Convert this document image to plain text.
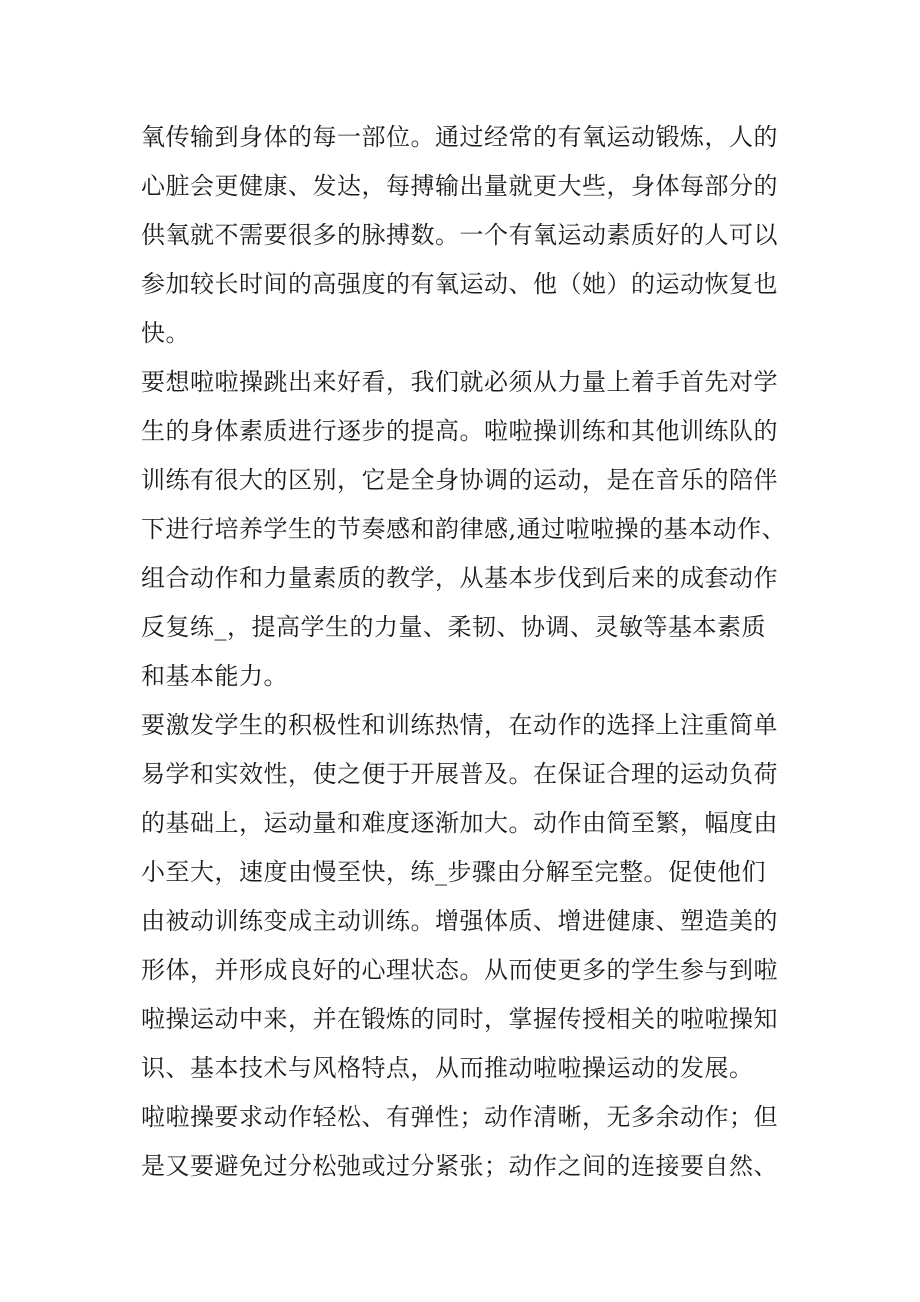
氧传输到身体的每一部位。通过经常的有氧运动锻炼，人的
心脏会更健康、发达，每搏输出量就更大些，身体每部分的
供氧就不需要很多的脉搏数。一个有氧运动素质好的人可以
参加较长时间的高强度的有氧运动、他（她）的运动恢复也
快。
要想啦啦操跳出来好看，我们就必须从力量上着手首先对学
生的身体素质进行逐步的提高。啦啦操训练和其他训练队的
训练有很大的区别，它是全身协调的运动，是在音乐的陪伴
下进行培养学生的节奏感和韵律感,通过啦啦操的基本动作、
组合动作和力量素质的教学，从基本步伐到后来的成套动作
反复练_，提高学生的力量、柔韧、协调、灵敏等基本素质
和基本能力。
要激发学生的积极性和训练热情，在动作的选择上注重简单
易学和实效性，使之便于开展普及。在保证合理的运动负荷
的基础上，运动量和难度逐渐加大。动作由简至繁，幅度由
小至大，速度由慢至快，练_步骤由分解至完整。促使他们
由被动训练变成主动训练。增强体质、增进健康、塑造美的
形体，并形成良好的心理状态。从而使更多的学生参与到啦
啦操运动中来，并在锻炼的同时，掌握传授相关的啦啦操知
识、基本技术与风格特点，从而推动啦啦操运动的发展。
啦啦操要求动作轻松、有弹性；动作清晰，无多余动作；但
是又要避免过分松弛或过分紧张；动作之间的连接要自然、
